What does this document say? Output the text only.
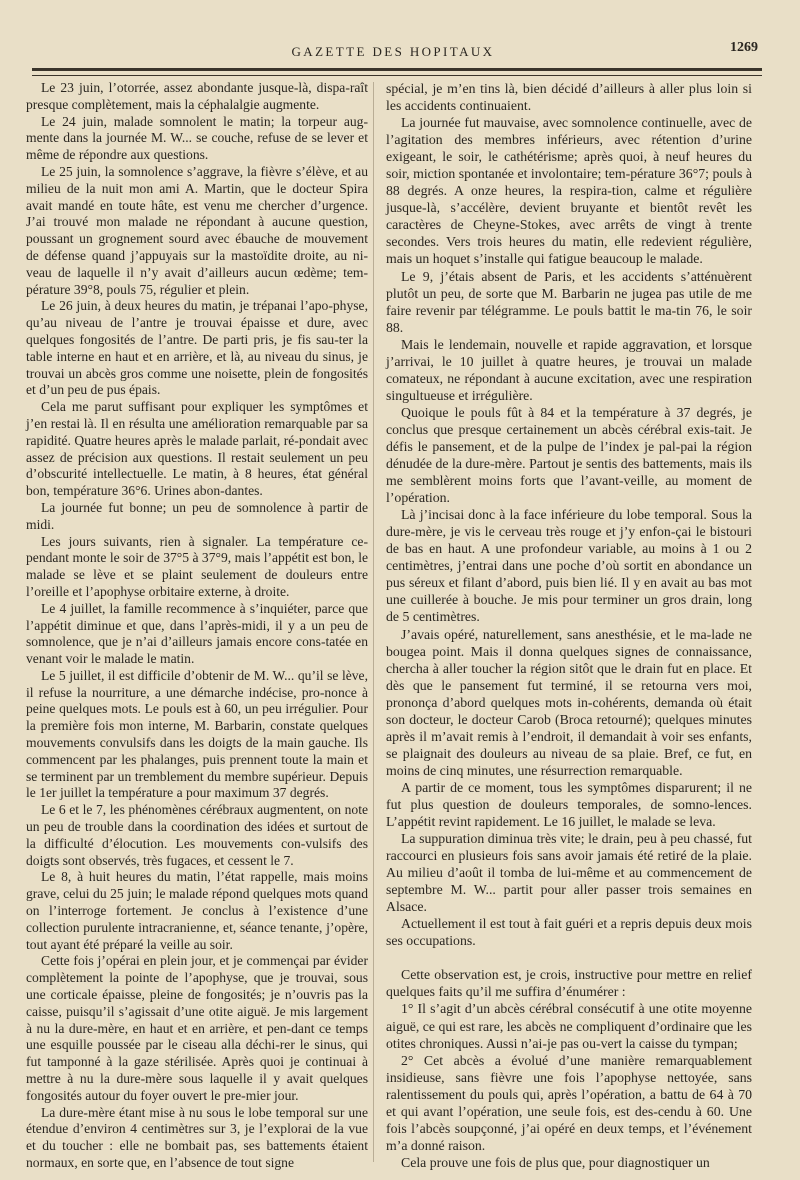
GAZETTE DES HOPITAUX	1269

Le 23 juin, l’otorrée, assez abondante jusque-là, dispa-raît presque complètement, mais la céphalalgie augmente.

Le 24 juin, malade somnolent le matin; la torpeur aug-mente dans la journée M. W... se couche, refuse de se lever et même de répondre aux questions.

Le 25 juin, la somnolence s’aggrave, la fièvre s’élève, et au milieu de la nuit mon ami A. Martin, que le docteur Spira avait mandé en toute hâte, est venu me chercher d’urgence. J’ai trouvé mon malade ne répondant à aucune question, poussant un grognement sourd avec ébauche de mouvement de défense quand j’appuyais sur la mastoïdite droite, au ni-veau de laquelle il n’y avait d’ailleurs aucun œdème; tem-pérature 39°8, pouls 75, régulier et plein.

Le 26 juin, à deux heures du matin, je trépanai l’apo-physe, qu’au niveau de l’antre je trouvai épaisse et dure, avec quelques fongosités de l’antre. De parti pris, je fis sau-ter la table interne en haut et en arrière, et là, au niveau du sinus, je trouvai un abcès gros comme une noisette, plein de fongosités et d’un peu de pus épais.

Cela me parut suffisant pour expliquer les symptômes et j’en restai là. Il en résulta une amélioration remarquable par sa rapidité. Quatre heures après le malade parlait, ré-pondait avec assez de précision aux questions. Il restait seulement un peu d’obscurité intellectuelle. Le matin, à 8 heures, état général bon, température 36°6. Urines abon-dantes.

La journée fut bonne; un peu de somnolence à partir de midi.

Les jours suivants, rien à signaler. La température ce-pendant monte le soir de 37°5 à 37°9, mais l’appétit est bon, le malade se lève et se plaint seulement de douleurs entre l’oreille et l’apophyse orbitaire externe, à droite.

Le 4 juillet, la famille recommence à s’inquiéter, parce que l’appétit diminue et que, dans l’après-midi, il y a un peu de somnolence, que je n’ai d’ailleurs jamais encore cons-tatée en venant voir le malade le matin.

Le 5 juillet, il est difficile d’obtenir de M. W... qu’il se lève, il refuse la nourriture, a une démarche indécise, pro-nonce à peine quelques mots. Le pouls est à 60, un peu irrégulier. Pour la première fois mon interne, M. Barbarin, constate quelques mouvements convulsifs dans les doigts de la main gauche. Ils commencent par les phalanges, puis prennent toute la main et se terminent par un tremblement du membre supérieur. Depuis le 1er juillet la température a pour maximum 37 degrés.

Le 6 et le 7, les phénomènes cérébraux augmentent, on note un peu de trouble dans la coordination des idées et surtout de la difficulté d’élocution. Les mouvements con-vulsifs des doigts sont observés, très fugaces, et cessent le 7.

Le 8, à huit heures du matin, l’état rappelle, mais moins grave, celui du 25 juin; le malade répond quelques mots quand on l’interroge fortement. Je conclus à l’existence d’une collection purulente intracranienne, et, séance tenante, j’opère, tout ayant été préparé la veille au soir.

Cette fois j’opérai en plein jour, et je commençai par évider complètement la pointe de l’apophyse, que je trouvai, sous une corticale épaisse, pleine de fongosités; je n’ouvris pas la caisse, puisqu’il s’agissait d’une otite aiguë. Je mis largement à nu la dure-mère, en haut et en arrière, et pen-dant ce temps une esquille poussée par le ciseau alla déchi-rer le sinus, qui fut tamponné à la gaze stérilisée. Après quoi je continuai à mettre à nu la dure-mère sous laquelle il y avait quelques fongosités autour du foyer ouvert le pre-mier jour.

La dure-mère étant mise à nu sous le lobe temporal sur une étendue d’environ 4 centimètres sur 3, je l’explorai de la vue et du toucher : elle ne bombait pas, ses battements étaient normaux, en sorte que, en l’absence de tout signe

spécial, je m’en tins là, bien décidé d’ailleurs à aller plus loin si les accidents continuaient.

La journée fut mauvaise, avec somnolence continuelle, avec de l’agitation des membres inférieurs, avec rétention d’urine exigeant, le soir, le cathétérisme; après quoi, à neuf heures du soir, miction spontanée et involontaire; tem-pérature 36°7; pouls à 88 degrés. A onze heures, la respira-tion, calme et régulière jusque-là, s’accélère, devient bruyante et bientôt revêt les caractères de Cheyne-Stokes, avec arrêts de vingt à trente secondes. Vers trois heures du matin, elle redevient régulière, mais un hoquet s’installe qui fatigue beaucoup le malade.

Le 9, j’étais absent de Paris, et les accidents s’atténuèrent plutôt un peu, de sorte que M. Barbarin ne jugea pas utile de me faire revenir par télégramme. Le pouls battit le ma-tin 76, le soir 88.

Mais le lendemain, nouvelle et rapide aggravation, et lorsque j’arrivai, le 10 juillet à quatre heures, je trouvai un malade comateux, ne répondant à aucune excitation, avec une respiration singultueuse et irrégulière.

Quoique le pouls fût à 84 et la température à 37 degrés, je conclus que presque certainement un abcès cérébral exis-tait. Je défis le pansement, et de la pulpe de l’index je pal-pai la région dénudée de la dure-mère. Partout je sentis des battements, mais ils me semblèrent moins forts que l’avant-veille, au moment de l’opération.

Là j’incisai donc à la face inférieure du lobe temporal. Sous la dure-mère, je vis le cerveau très rouge et j’y enfon-çai le bistouri de bas en haut. A une profondeur variable, au moins à 1 ou 2 centimètres, j’entrai dans une poche d’où sortit en abondance un pus séreux et filant d’abord, puis bien lié. Il y en avait au bas mot une cuillerée à bouche. Je mis pour terminer un gros drain, long de 5 centimètres.

J’avais opéré, naturellement, sans anesthésie, et le ma-lade ne bougea point. Mais il donna quelques signes de connaissance, chercha à aller toucher la région sitôt que le drain fut en place. Et dès que le pansement fut terminé, il se retourna vers moi, prononça d’abord quelques mots in-cohérents, demanda où était son docteur, le docteur Carob (Broca retourné); quelques minutes après il m’avait remis à l’endroit, il demandait à voir ses enfants, se plaignait des douleurs au niveau de sa plaie. Bref, ce fut, en moins de cinq minutes, une résurrection remarquable.

A partir de ce moment, tous les symptômes disparurent; il ne fut plus question de douleurs temporales, de somno-lences. L’appétit revint rapidement. Le 16 juillet, le malade se leva.

La suppuration diminua très vite; le drain, peu à peu chassé, fut raccourci en plusieurs fois sans avoir jamais été retiré de la plaie. Au milieu d’août il tomba de lui-même et au commencement de septembre M. W... partit pour aller passer trois semaines en Alsace.

Actuellement il est tout à fait guéri et a repris depuis deux mois ses occupations.

Cette observation est, je crois, instructive pour mettre en relief quelques faits qu’il me suffira d’énumérer :

1° Il s’agit d’un abcès cérébral consécutif à une otite moyenne aiguë, ce qui est rare, les abcès ne compliquent d’ordinaire que les otites chroniques. Aussi n’ai-je pas ou-vert la caisse du tympan;

2° Cet abcès a évolué d’une manière remarquablement insidieuse, sans fièvre une fois l’apophyse nettoyée, sans ralentissement du pouls qui, après l’opération, a battu de 64 à 70 et qui avant l’opération, une seule fois, est des-cendu à 60. Une fois l’abcès soupçonné, j’ai opéré en deux temps, et l’événement m’a donné raison.

Cela prouve une fois de plus que, pour diagnostiquer un
